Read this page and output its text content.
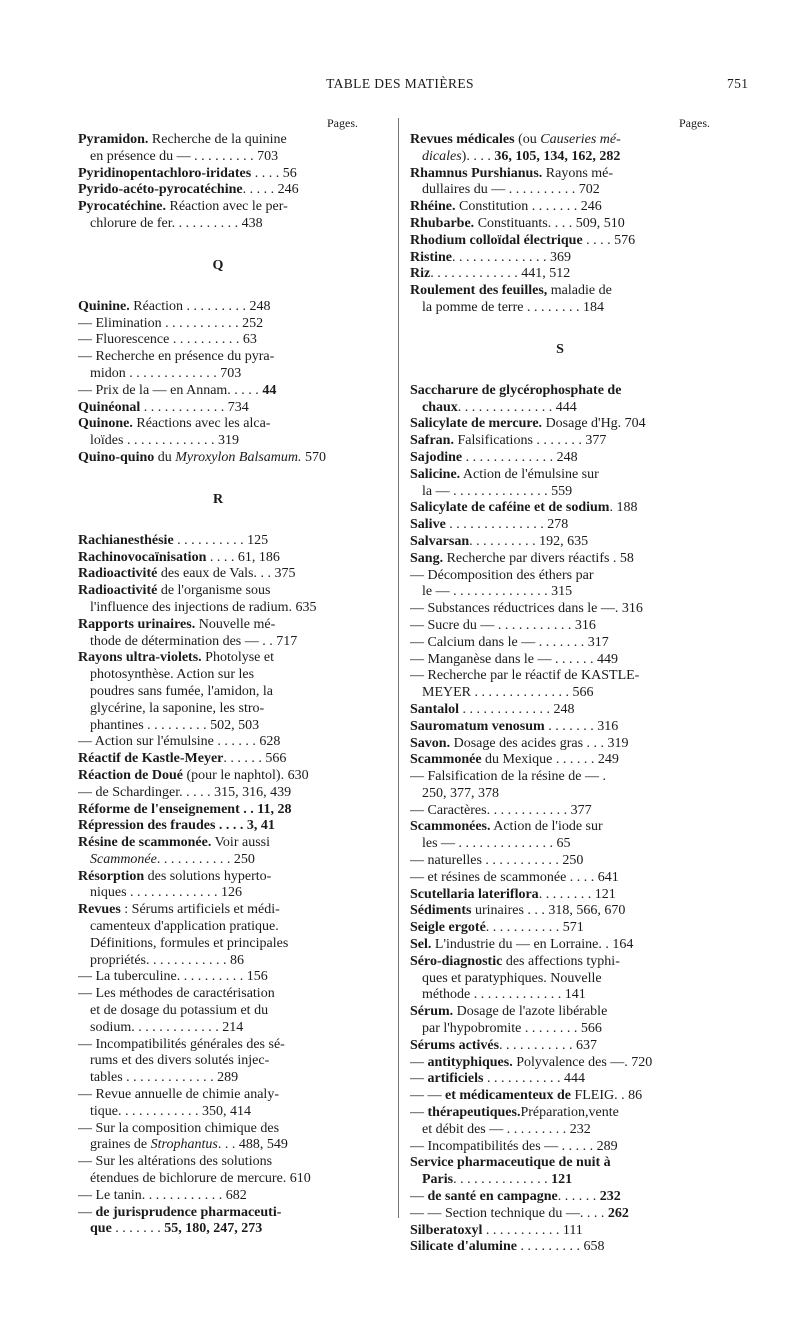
TABLE DES MATIÈRES	751
Pages.
Pyramidon. Recherche de la quinine
en présence du — . . . . . . . . . 703
Pyridinopentachloro-iridates . . . . 56
Pyrido-acéto-pyrocatéchine. . . . . 246
Pyrocatéchine. Réaction avec le per-
chlorure de fer. . . . . . . . . . 438
Q
Quinine. Réaction . . . . . . . . . 248
— Elimination . . . . . . . . . . . 252
— Fluorescence . . . . . . . . . . 63
— Recherche en présence du pyra-
midon . . . . . . . . . . . . . 703
— Prix de la — en Annam. . . . . 44
Quinéonal . . . . . . . . . . . . 734
Quinone. Réactions avec les alca-
loïdes . . . . . . . . . . . . . 319
Quino-quino du Myroxylon Balsamum. 570
R
Rachianesthésie . . . . . . . . . . 125
Rachinovocaïnisation . . . . 61, 186
Radioactivité des eaux de Vals. . . 375
Radioactivité de l'organisme sous
l'influence des injections de radium. 635
Rapports urinaires. Nouvelle mé-
thode de détermination des — . . 717
Rayons ultra-violets. Photolyse et
photosynthèse. Action sur les
poudres sans fumée, l'amidon, la
glycérine, la saponine, les stro-
phantines . . . . . . . . . 502, 503
— Action sur l'émulsine . . . . . . 628
Réactif de Kastle-Meyer. . . . . . 566
Réaction de Doué (pour le naphtol). 630
— de Schardinger. . . . . 315, 316, 439
Réforme de l'enseignement . . 11, 28
Répression des fraudes . . . . 3, 41
Résine de scammonée. Voir aussi
Scammonée. . . . . . . . . . . 250
Résorption des solutions hyperto-
niques . . . . . . . . . . . . . 126
Revues : Sérums artificiels et médi-
camenteux d'application pratique.
Définitions, formules et principales
propriétés. . . . . . . . . . . . 86
— La tuberculine. . . . . . . . . . 156
— Les méthodes de caractérisation
et de dosage du potassium et du
sodium. . . . . . . . . . . . . 214
— Incompatibilités générales des sé-
rums et des divers solutés injec-
tables . . . . . . . . . . . . . 289
— Revue annuelle de chimie analy-
tique. . . . . . . . . . . . 350, 414
— Sur la composition chimique des
graines de Strophantus. . . 488, 549
— Sur les altérations des solutions
étendues de bichlorure de mercure. 610
— Le tanin. . . . . . . . . . . . 682
— de jurisprudence pharmaceuti-
que . . . . . . . 55, 180, 247, 273
Pages.
Revues médicales (ou Causeries mé-
dicales). . . . 36, 105, 134, 162, 282
Rhamnus Purshianus. Rayons mé-
dullaires du — . . . . . . . . . . 702
Rhéine. Constitution . . . . . . . 246
Rhubarbe. Constituants. . . . 509, 510
Rhodium colloïdal électrique . . . . 576
Ristine. . . . . . . . . . . . . . 369
Riz. . . . . . . . . . . . . 441, 512
Roulement des feuilles, maladie de
la pomme de terre . . . . . . . . 184
S
Saccharure de glycérophosphate de
chaux. . . . . . . . . . . . . . 444
Salicylate de mercure. Dosage d'Hg. 704
Safran. Falsifications . . . . . . . 377
Sajodine . . . . . . . . . . . . . 248
Salicine. Action de l'émulsine sur
la — . . . . . . . . . . . . . . 559
Salicylate de caféine et de sodium. 188
Salive . . . . . . . . . . . . . . 278
Salvarsan. . . . . . . . . . 192, 635
Sang. Recherche par divers réactifs . 58
— Décomposition des éthers par
le — . . . . . . . . . . . . . . 315
— Substances réductrices dans le —. 316
— Sucre du — . . . . . . . . . . . 316
— Calcium dans le — . . . . . . . 317
— Manganèse dans le — . . . . . . 449
— Recherche par le réactif de KASTLE-
MEYER . . . . . . . . . . . . . . 566
Santalol . . . . . . . . . . . . . 248
Sauromatum venosum . . . . . . . 316
Savon. Dosage des acides gras . . . 319
Scammonée du Mexique . . . . . . 249
— Falsification de la résine de — .
250, 377, 378
— Caractères. . . . . . . . . . . . 377
Scammonées. Action de l'iode sur
les — . . . . . . . . . . . . . . 65
— naturelles . . . . . . . . . . . 250
— et résines de scammonée . . . . 641
Scutellaria lateriflora. . . . . . . . 121
Sédiments urinaires . . . 318, 566, 670
Seigle ergoté. . . . . . . . . . . 571
Sel. L'industrie du — en Lorraine. . 164
Séro-diagnostic des affections typhi-
ques et paratyphiques. Nouvelle
méthode . . . . . . . . . . . . . 141
Sérum. Dosage de l'azote libérable
par l'hypobromite . . . . . . . . 566
Sérums activés. . . . . . . . . . . 637
— antityphiques. Polyvalence des —. 720
— artificiels . . . . . . . . . . . 444
— — et médicamenteux de FLEIG. . 86
— thérapeutiques.Préparation,vente
et débit des — . . . . . . . . . 232
— Incompatibilités des — . . . . . 289
Service pharmaceutique de nuit à
Paris. . . . . . . . . . . . . . 121
— de santé en campagne. . . . . . 232
— — Section technique du —. . . . 262
Silberatoxyl . . . . . . . . . . . 111
Silicate d'alumine . . . . . . . . . 658
